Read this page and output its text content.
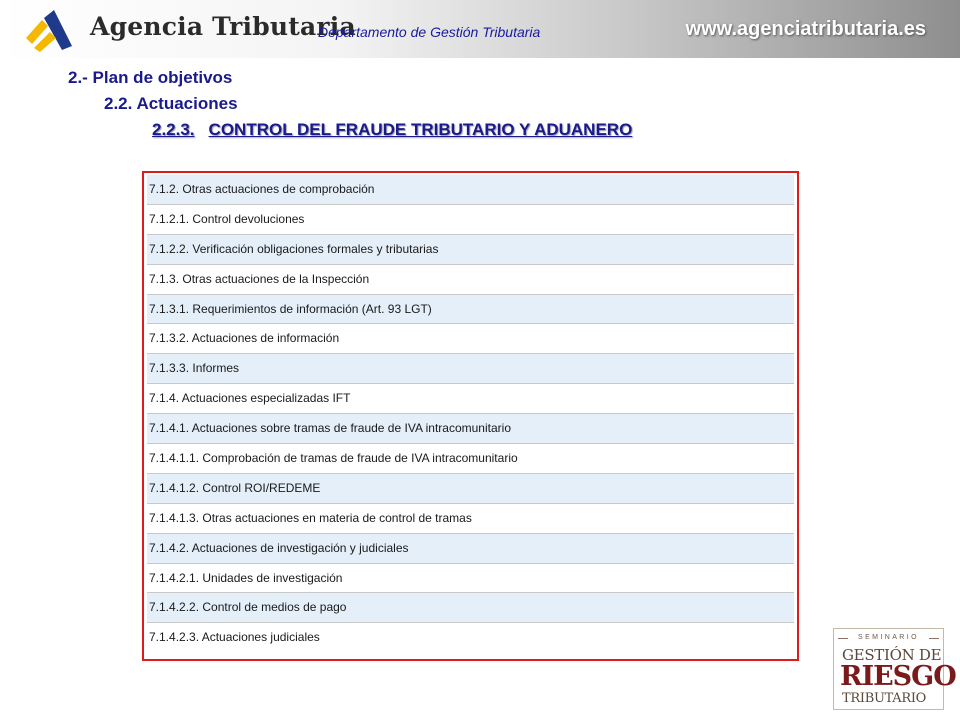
Agencia Tributaria
Departamento de Gestión Tributaria	www.agenciatributaria.es
2.- Plan de objetivos
2.2. Actuaciones
2.2.3. CONTROL DEL FRAUDE TRIBUTARIO Y ADUANERO
7.1.2. Otras actuaciones de comprobación
7.1.2.1. Control devoluciones
7.1.2.2. Verificación obligaciones formales y tributarias
7.1.3. Otras actuaciones de la Inspección
7.1.3.1. Requerimientos de información (Art. 93 LGT)
7.1.3.2. Actuaciones de información
7.1.3.3. Informes
7.1.4. Actuaciones especializadas IFT
7.1.4.1. Actuaciones sobre tramas de fraude de IVA intracomunitario
7.1.4.1.1. Comprobación de tramas de fraude de IVA intracomunitario
7.1.4.1.2. Control ROI/REDEME
7.1.4.1.3. Otras actuaciones en materia de control de tramas
7.1.4.2. Actuaciones de investigación y judiciales
7.1.4.2.1. Unidades de investigación
7.1.4.2.2. Control de medios de pago
7.1.4.2.3. Actuaciones judiciales	SEMINARIO
GESTIÓN DE
RIESGO
TRIBUTARIO
